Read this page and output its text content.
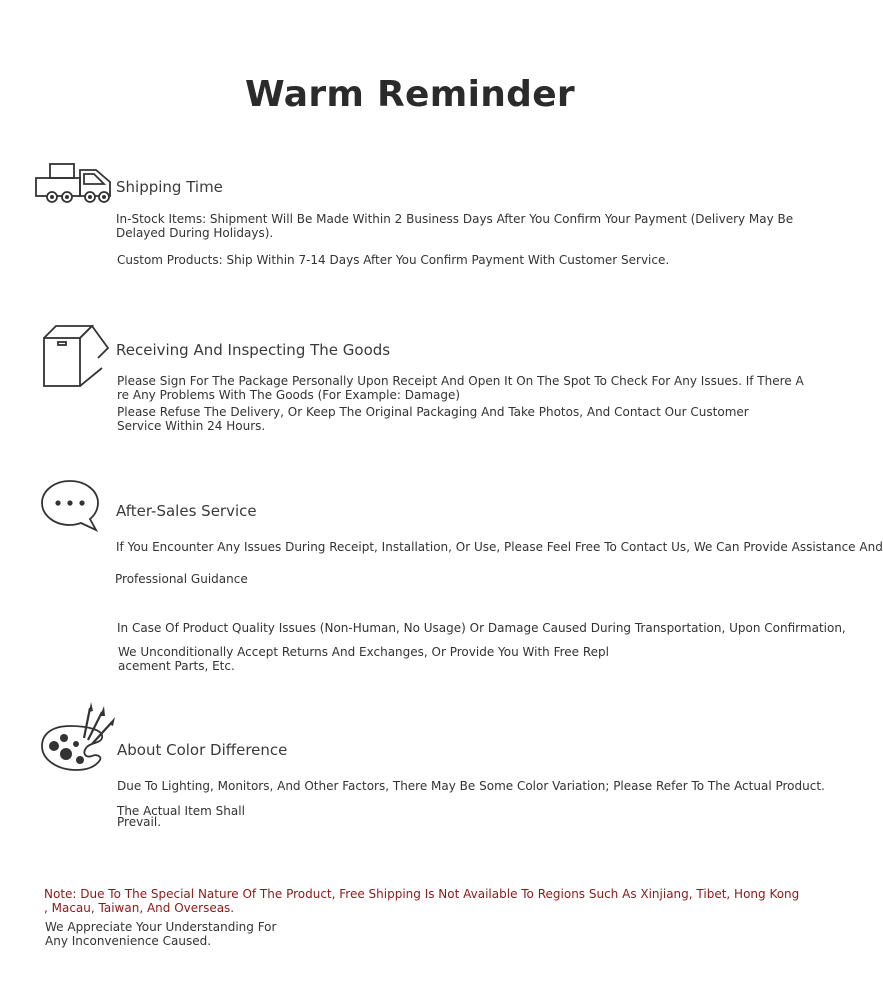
Warm Reminder
Shipping Time
In-Stock Items: Shipment Will Be Made Within 2 Business Days After You Confirm Your Payment (Delivery May Be
Delayed During Holidays).
Custom Products: Ship Within 7-14 Days After You Confirm Payment With Customer Service.
Receiving And Inspecting The Goods
Please Sign For The Package Personally Upon Receipt And Open It On The Spot To Check For Any Issues. If There A
re Any Problems With The Goods (For Example: Damage)
Please Refuse The Delivery, Or Keep The Original Packaging And Take Photos, And Contact Our Customer
Service Within 24 Hours.
After-Sales Service
If You Encounter Any Issues During Receipt, Installation, Or Use, Please Feel Free To Contact Us, We Can Provide Assistance And
Professional Guidance
In Case Of Product Quality Issues (Non-Human, No Usage) Or Damage Caused During Transportation, Upon Confirmation,
We Unconditionally Accept Returns And Exchanges, Or Provide You With Free Repl
acement Parts, Etc.
About Color Difference
Due To Lighting, Monitors, And Other Factors, There May Be Some Color Variation; Please Refer To The Actual Product.
The Actual Item Shall
Prevail.
Note: Due To The Special Nature Of The Product, Free Shipping Is Not Available To Regions Such As Xinjiang, Tibet, Hong Kong
, Macau, Taiwan, And Overseas.
We Appreciate Your Understanding For
Any Inconvenience Caused.
